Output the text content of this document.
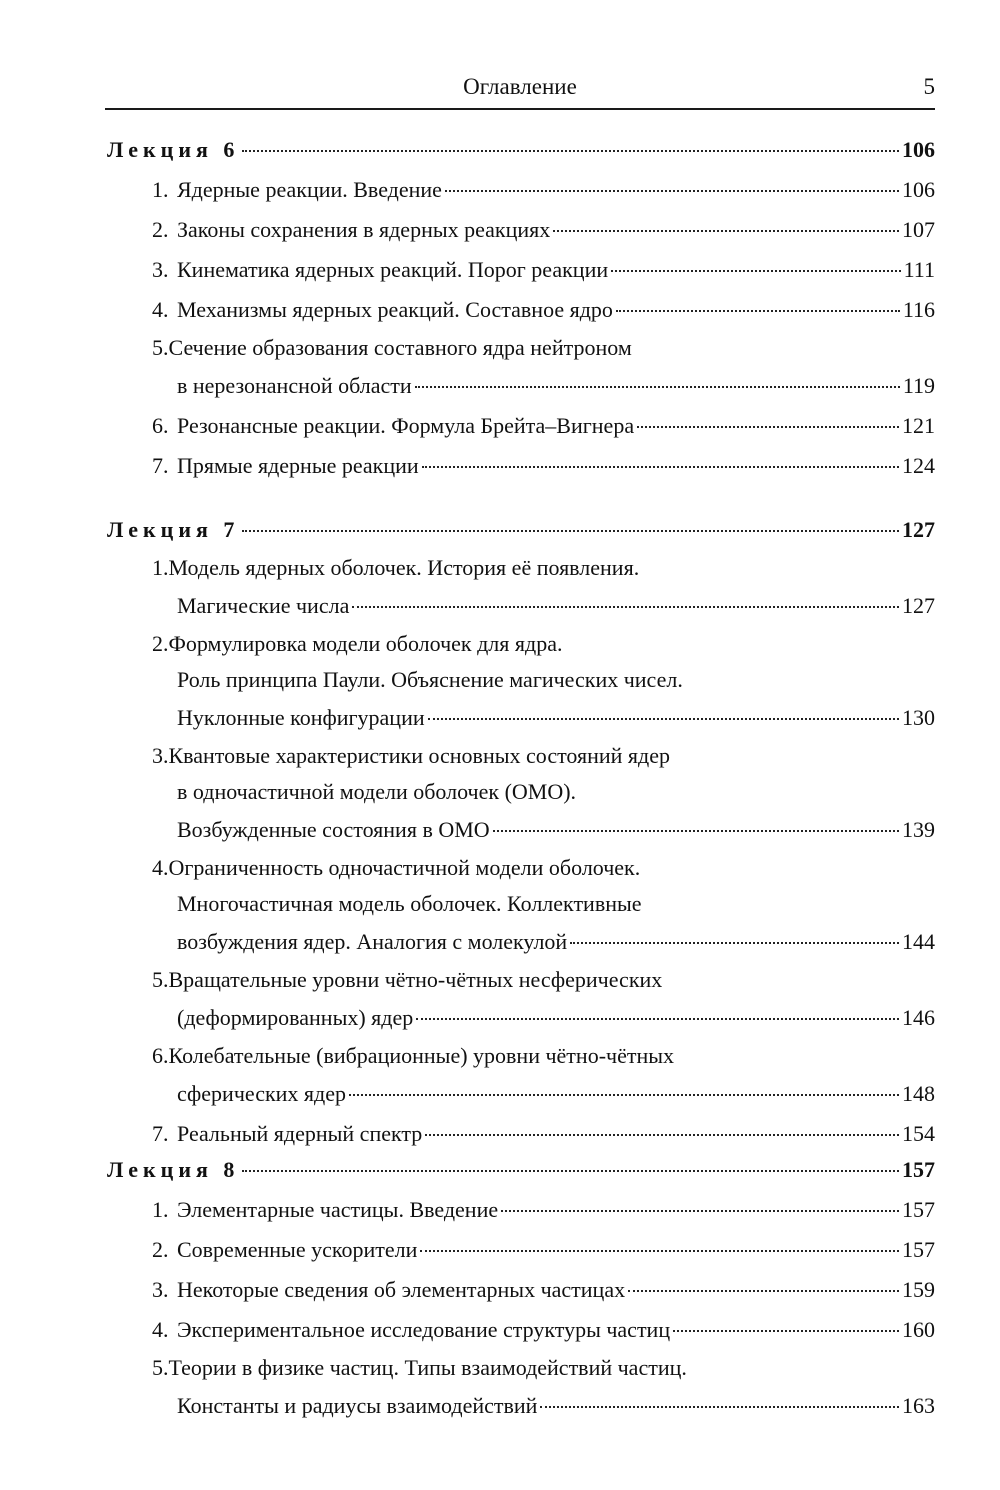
Оглавление	5
Лекция 6	106
1. Ядерные реакции. Введение	106
2. Законы сохранения в ядерных реакциях	107
3. Кинематика ядерных реакций. Порог реакции	111
4. Механизмы ядерных реакций. Составное ядро	116
5.Сечение образования составного ядра нейтроном
в нерезонансной области	119
6. Резонансные реакции. Формула Брейта–Вигнера	121
7. Прямые ядерные реакции	124
Лекция 7	127
1.Модель ядерных оболочек. История её появления.
Магические числа	127
2.Формулировка модели оболочек для ядра.
Роль принципа Паули. Объяснение магических чисел.
Нуклонные конфигурации	130
3.Квантовые характеристики основных состояний ядер
в одночастичной модели оболочек (ОМО).
Возбужденные состояния в ОМО	139
4.Ограниченность одночастичной модели оболочек.
Многочастичная модель оболочек. Коллективные
возбуждения ядер. Аналогия с молекулой	144
5.Вращательные уровни чётно-чётных несферических
(деформированных) ядер	146
6.Колебательные (вибрационные) уровни чётно-чётных
сферических ядер	148
7. Реальный ядерный спектр	154
Лекция 8	157
1. Элементарные частицы. Введение	157
2. Современные ускорители	157
3. Некоторые сведения об элементарных частицах	159
4. Экспериментальное исследование структуры частиц	160
5.Теории в физике частиц. Типы взаимодействий частиц.
Константы и радиусы взаимодействий	163
